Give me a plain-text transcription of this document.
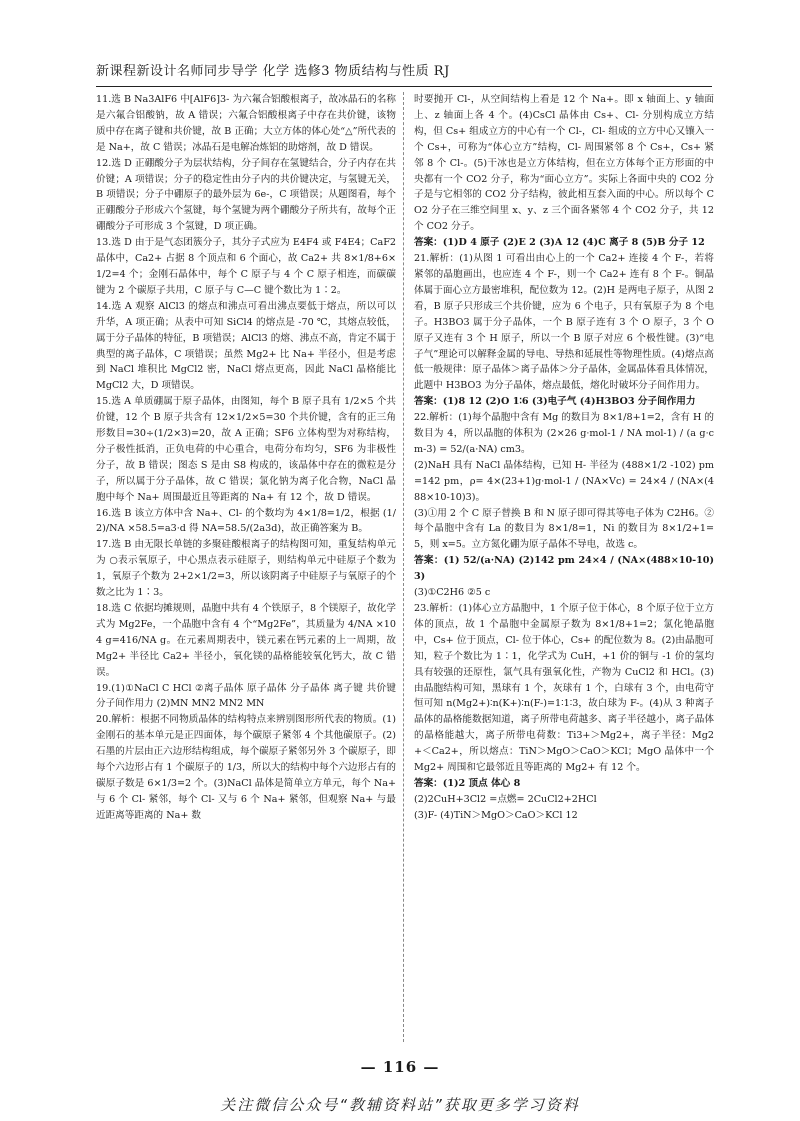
新课程新设计名师同步导学 化学 选修3 物质结构与性质 RJ

11.选 B Na3AlF6 中[AlF6]3- 为六氟合铝酸根离子，故冰晶石的名称是六氟合铝酸钠，故 A 错误；六氟合铝酸根离子中存在共价键，该物质中存在离子键和共价键，故 B 正确；大立方体的体心处“△”所代表的是 Na+，故 C 错误；冰晶石是电解冶炼铝的助熔剂，故 D 错误。

12.选 D 正硼酸分子为层状结构，分子间存在氢键结合，分子内存在共价键；A 项错误；分子的稳定性由分子内的共价键决定，与氢键无关，B 项错误；分子中硼原子的最外层为 6e-，C 项错误；从题图看，每个正硼酸分子形成六个氢键，每个氢键为两个硼酸分子所共有，故每个正硼酸分子可形成 3 个氢键，D 项正确。

13.选 D 由于是气态团簇分子，其分子式应为 E4F4 或 F4E4；CaF2 晶体中，Ca2+ 占据 8 个顶点和 6 个面心，故 Ca2+ 共 8×1/8+6×1/2=4 个；金刚石晶体中，每个 C 原子与 4 个 C 原子相连，而碳碳键为 2 个碳原子共用，C 原子与 C—C 键个数比为 1∶2。

14.选 A 观察 AlCl3 的熔点和沸点可看出沸点要低于熔点，所以可以升华，A 项正确；从表中可知 SiCl4 的熔点是 -70 ℃，其熔点较低，属于分子晶体的特征，B 项错误；AlCl3 的熔、沸点不高，肯定不属于典型的离子晶体，C 项错误；虽然 Mg2+ 比 Na+ 半径小，但是考虑到 NaCl 堆积比 MgCl2 密，NaCl 熔点更高，因此 NaCl 晶格能比 MgCl2 大，D 项错误。

15.选 A 单质硼属于原子晶体，由图知，每个 B 原子具有 1/2×5 个共价键，12 个 B 原子共含有 12×1/2×5=30 个共价键，含有的正三角形数目=30÷(1/2×3)=20，故 A 正确；SF6 立体构型为对称结构，分子极性抵消，正负电荷的中心重合，电荷分布均匀，SF6 为非极性分子，故 B 错误；图态 S 是由 S8 构成的，该晶体中存在的微粒是分子，所以属于分子晶体，故 C 错误；氯化钠为离子化合物，NaCl 晶胞中每个 Na+ 周围最近且等距离的 Na+ 有 12 个，故 D 错误。

16.选 B 该立方体中含 Na+、Cl- 的个数均为 4×1/8=1/2，根据 (1/2)/NA ×58.5=a3·d 得 NA=58.5/(2a3d)，故正确答案为 B。

17.选 B 由无限长单链的多聚硅酸根离子的结构图可知，重复结构单元为 ○表示氧原子，中心黑点表示硅原子，则结构单元中硅原子个数为 1，氧原子个数为 2+2×1/2=3，所以该阴离子中硅原子与氧原子的个数之比为 1∶3。

18.选 C 依据均摊规则，晶胞中共有 4 个铁原子，8 个镁原子，故化学式为 Mg2Fe，一个晶胞中含有 4 个“Mg2Fe”，其质量为 4/NA ×104 g=416/NA g。在元素周期表中，镁元素在钙元素的上一周期，故 Mg2+ 半径比 Ca2+ 半径小，氧化镁的晶格能较氧化钙大，故 C 错误。

19.(1)①NaCl C HCl ②离子晶体 原子晶体 分子晶体 离子键 共价键 分子间作用力 (2)MN MN2 MN2 MN

20.解析：根据不同物质晶体的结构特点来辨别图形所代表的物质。(1)金刚石的基本单元是正四面体，每个碳原子紧邻 4 个其他碳原子。(2)石墨的片层由正六边形结构组成，每个碳原子紧邻另外 3 个碳原子，即每个六边形占有 1 个碳原子的 1/3，所以大的结构中每个六边形占有的碳原子数是 6×1/3=2 个。(3)NaCl 晶体是简单立方单元，每个 Na+ 与 6 个 Cl- 紧邻，每个 Cl- 又与 6 个 Na+ 紧邻，但观察 Na+ 与最近距离等距离的 Na+ 数

时要抛开 Cl-，从空间结构上看是 12 个 Na+。即 x 轴面上、y 轴面上、z 轴面上各 4 个。(4)CsCl 晶体由 Cs+、Cl- 分别构成立方结构，但 Cs+ 组成立方的中心有一个 Cl-，Cl- 组成的立方中心又镶入一个 Cs+，可称为“体心立方”结构，Cl- 周围紧邻 8 个 Cs+，Cs+ 紧邻 8 个 Cl-。(5)干冰也是立方体结构，但在立方体每个正方形面的中央都有一个 CO2 分子，称为“面心立方”。实际上各面中央的 CO2 分子是与它相邻的 CO2 分子结构，彼此相互套入面的中心。所以每个 CO2 分子在三维空间里 x、y、z 三个面各紧邻 4 个 CO2 分子，共 12 个 CO2 分子。

答案：(1)D 4 原子 (2)E 2 (3)A 12 (4)C 离子 8 (5)B 分子 12

21.解析：(1)从图 1 可看出由心上的一个 Ca2+ 连接 4 个 F-，若将紧邻的晶胞画出，也应连 4 个 F-，则一个 Ca2+ 连有 8 个 F-。铜晶体属于面心立方最密堆积，配位数为 12。(2)H 是两电子原子，从图 2 看，B 原子只形成三个共价键，应为 6 个电子，只有氧原子为 8 个电子。H3BO3 属于分子晶体，一个 B 原子连有 3 个 O 原子，3 个 O 原子又连有 3 个 H 原子，所以一个 B 原子对应 6 个极性键。(3)“电子气”理论可以解释金属的导电、导热和延展性等物理性质。(4)熔点高低一般规律：原子晶体＞离子晶体＞分子晶体，金属晶体看具体情况，此题中 H3BO3 为分子晶体，熔点最低，熔化时破坏分子间作用力。

答案：(1)8 12 (2)O 1∶6 (3)电子气 (4)H3BO3 分子间作用力

22.解析：(1)每个晶胞中含有 Mg 的数目为 8×1/8+1=2，含有 H 的数目为 4，所以晶胞的体积为 (2×26 g·mol-1 / NA mol-1) / (a g·cm-3) = 52/(a·NA) cm3。

(2)NaH 具有 NaCl 晶体结构，已知 H- 半径为 (488×1/2 -102) pm=142 pm，ρ= 4×(23+1)g·mol-1 / (NA×Vc) = 24×4 / (NA×(488×10-10)3)。

(3)①用 2 个 C 原子替换 B 和 N 原子即可得其等电子体为 C2H6。②每个晶胞中含有 La 的数目为 8×1/8=1，Ni 的数目为 8×1/2+1=5，则 x=5。立方氮化硼为原子晶体不导电，故选 c。

答案：(1) 52/(a·NA) (2)142 pm 24×4 / (NA×(488×10-10)3)

(3)①C2H6 ②5 c

23.解析：(1)体心立方晶胞中，1 个原子位于体心，8 个原子位于立方体的顶点，故 1 个晶胞中金属原子数为 8×1/8+1=2；氯化铯晶胞中，Cs+ 位于顶点，Cl- 位于体心，Cs+ 的配位数为 8。(2)由晶胞可知，粒子个数比为 1∶1，化学式为 CuH，+1 价的铜与 -1 价的氢均具有较强的还原性，氯气具有强氧化性，产物为 CuCl2 和 HCl。(3)由晶胞结构可知，黑球有 1 个，灰球有 1 个，白球有 3 个，由电荷守恒可知 n(Mg2+)∶n(K+)∶n(F-)=1∶1∶3，故白球为 F-。(4)从 3 种离子晶体的晶格能数据知道，离子所带电荷越多、离子半径越小，离子晶体的晶格能越大，离子所带电荷数：Ti3+＞Mg2+，离子半径：Mg2+＜Ca2+，所以熔点：TiN＞MgO＞CaO＞KCl；MgO 晶体中一个 Mg2+ 周围和它最邻近且等距离的 Mg2+ 有 12 个。

答案：(1)2 顶点 体心 8

(2)2CuH+3Cl2 =点燃= 2CuCl2+2HCl

(3)F- (4)TiN＞MgO＞CaO＞KCl 12

— 116 —
关注微信公众号“教辅资料站”获取更多学习资料
